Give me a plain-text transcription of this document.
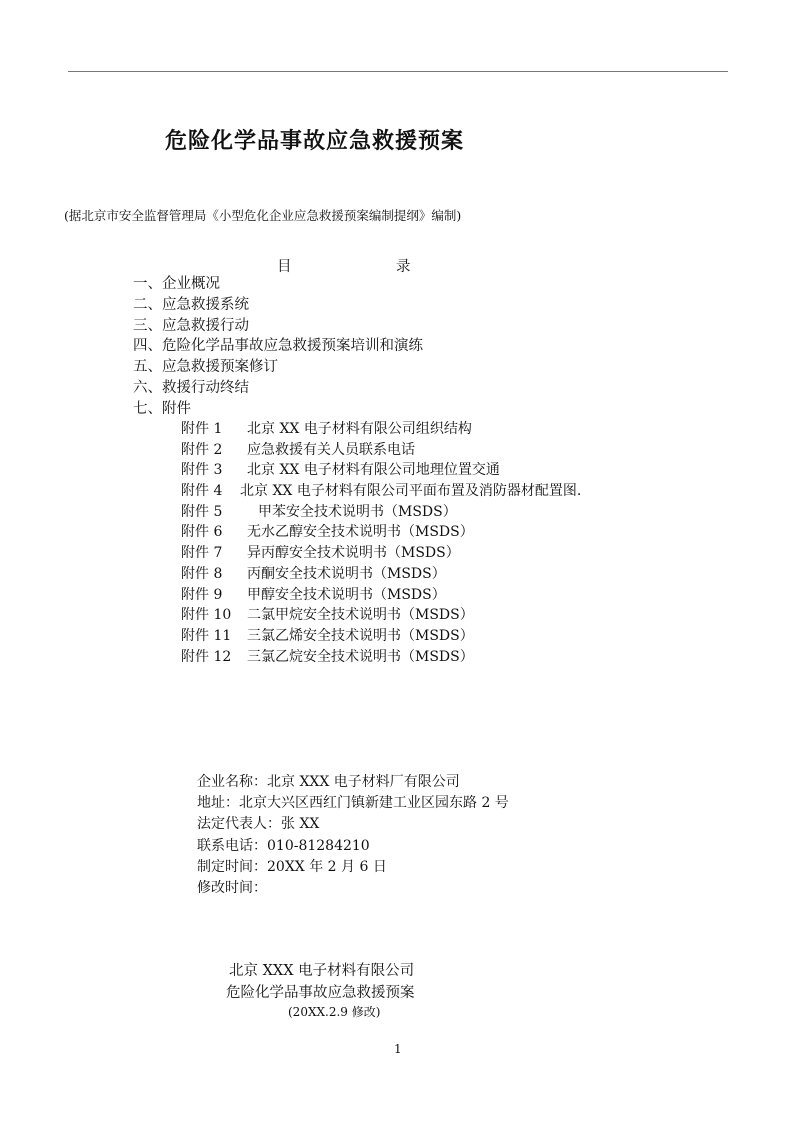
危险化学品事故应急救援预案
(据北京市安全监督管理局《小型危化企业应急救援预案编制提纲》编制)
目	录
一、企业概况
二、应急救援系统
三、应急救援行动
四、危险化学品事故应急救援预案培训和演练
五、应急救援预案修订
六、救援行动终结
七、附件
附件 1 北京 XX 电子材料有限公司组织结构
附件 2 应急救援有关人员联系电话
附件 3 北京 XX 电子材料有限公司地理位置交通
附件 4 北京 XX 电子材料有限公司平面布置及消防器材配置图.
附件 5	甲苯安全技术说明书（MSDS）
附件 6 无水乙醇安全技术说明书（MSDS）
附件 7 异丙醇安全技术说明书（MSDS）
附件 8 丙酮安全技术说明书（MSDS）
附件 9 甲醇安全技术说明书（MSDS）
附件 10 二氯甲烷安全技术说明书（MSDS）
附件 11 三氯乙烯安全技术说明书（MSDS）
附件 12 三氯乙烷安全技术说明书（MSDS）
企业名称：北京 XXX 电子材料厂有限公司
地址：北京大兴区西红门镇新建工业区园东路 2 号
法定代表人：张 XX
联系电话：010-81284210
制定时间：20XX 年 2 月 6 日
修改时间：
北京 XXX 电子材料有限公司
危险化学品事故应急救援预案
(20XX.2.9 修改)
1
